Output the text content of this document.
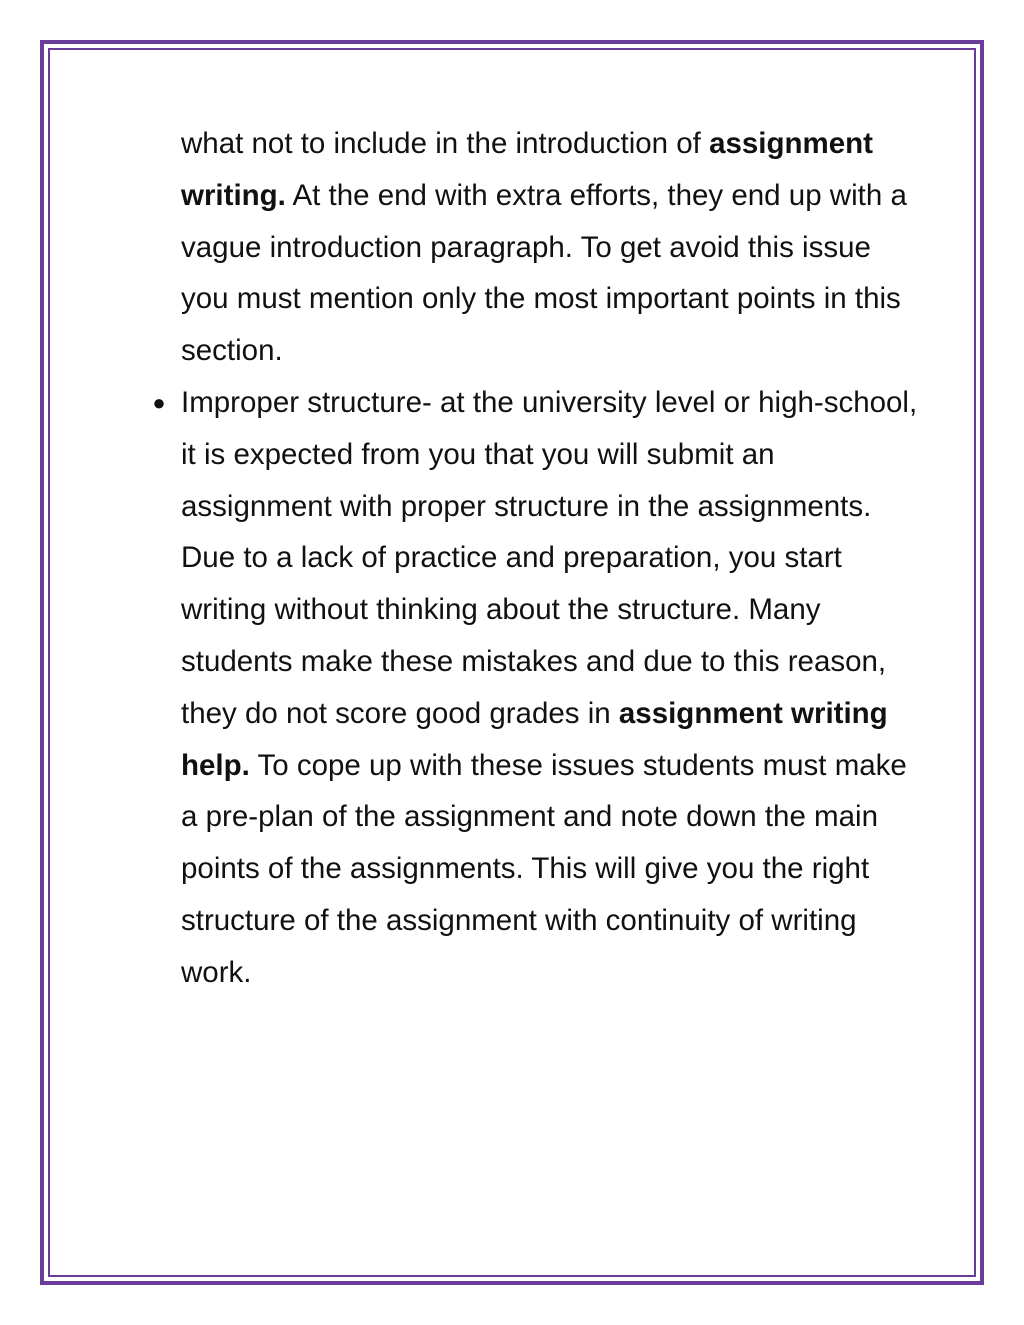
what not to include in the introduction of assignment writing. At the end with extra efforts, they end up with a vague introduction paragraph. To get avoid this issue you must mention only the most important points in this section.

● Improper structure- at the university level or high-school, it is expected from you that you will submit an assignment with proper structure in the assignments. Due to a lack of practice and preparation, you start writing without thinking about the structure. Many students make these mistakes and due to this reason, they do not score good grades in assignment writing help. To cope up with these issues students must make a pre-plan of the assignment and note down the main points of the assignments. This will give you the right structure of the assignment with continuity of writing work.
